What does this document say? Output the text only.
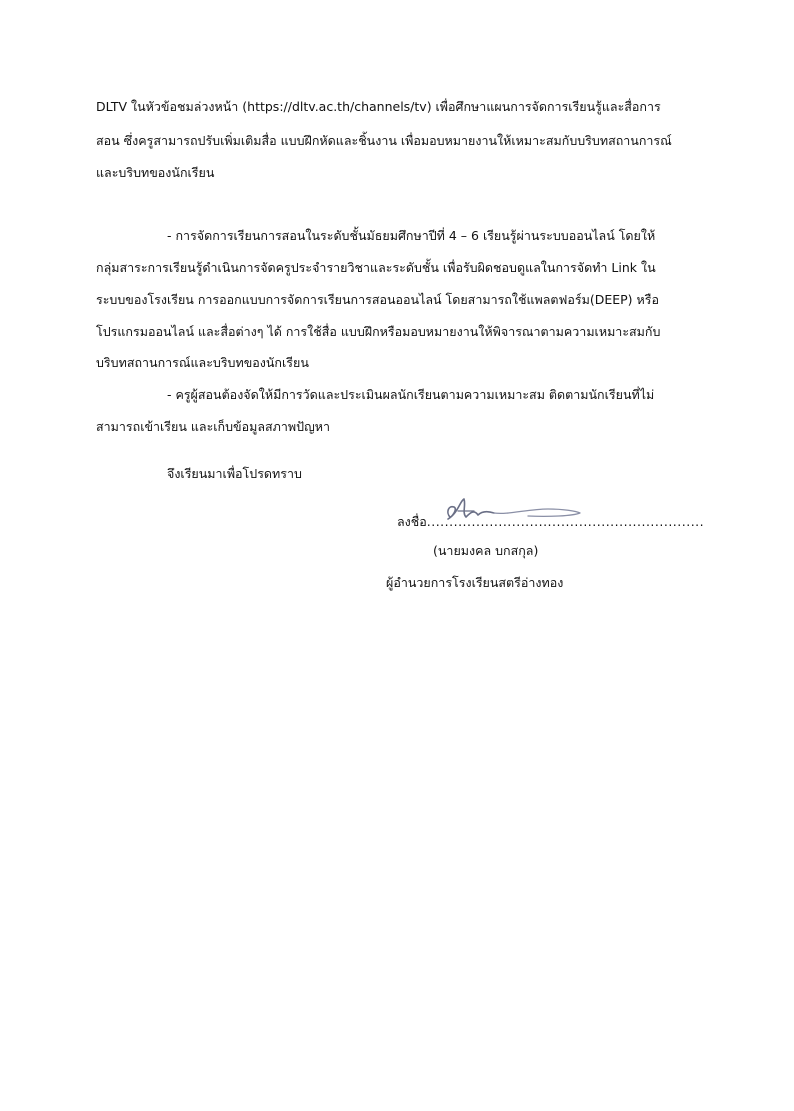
DLTV ในหัวข้อชมล่วงหน้า (https://dltv.ac.th/channels/tv) เพื่อศึกษาแผนการจัดการเรียนรู้และสื่อการ
สอน ซึ่งครูสามารถปรับเพิ่มเติมสื่อ แบบฝึกหัดและชิ้นงาน เพื่อมอบหมายงานให้เหมาะสมกับบริบทสถานการณ์
และบริบทของนักเรียน
- การจัดการเรียนการสอนในระดับชั้นมัธยมศึกษาปีที่ 4 – 6 เรียนรู้ผ่านระบบออนไลน์ โดยให้
กลุ่มสาระการเรียนรู้ดำเนินการจัดครูประจำรายวิชาและระดับชั้น เพื่อรับผิดชอบดูแลในการจัดทำ Link ใน
ระบบของโรงเรียน การออกแบบการจัดการเรียนการสอนออนไลน์ โดยสามารถใช้แพลตฟอร์ม(DEEP) หรือ
โปรแกรมออนไลน์ และสื่อต่างๆ ได้ การใช้สื่อ แบบฝึกหรือมอบหมายงานให้พิจารณาตามความเหมาะสมกับ
บริบทสถานการณ์และบริบทของนักเรียน
- ครูผู้สอนต้องจัดให้มีการวัดและประเมินผลนักเรียนตามความเหมาะสม ติดตามนักเรียนที่ไม่
สามารถเข้าเรียน และเก็บข้อมูลสภาพปัญหา
จึงเรียนมาเพื่อโปรดทราบ
ลงชื่อ..............................................................
(นายมงคล บกสกุล)
ผู้อำนวยการโรงเรียนสตรีอ่างทอง
